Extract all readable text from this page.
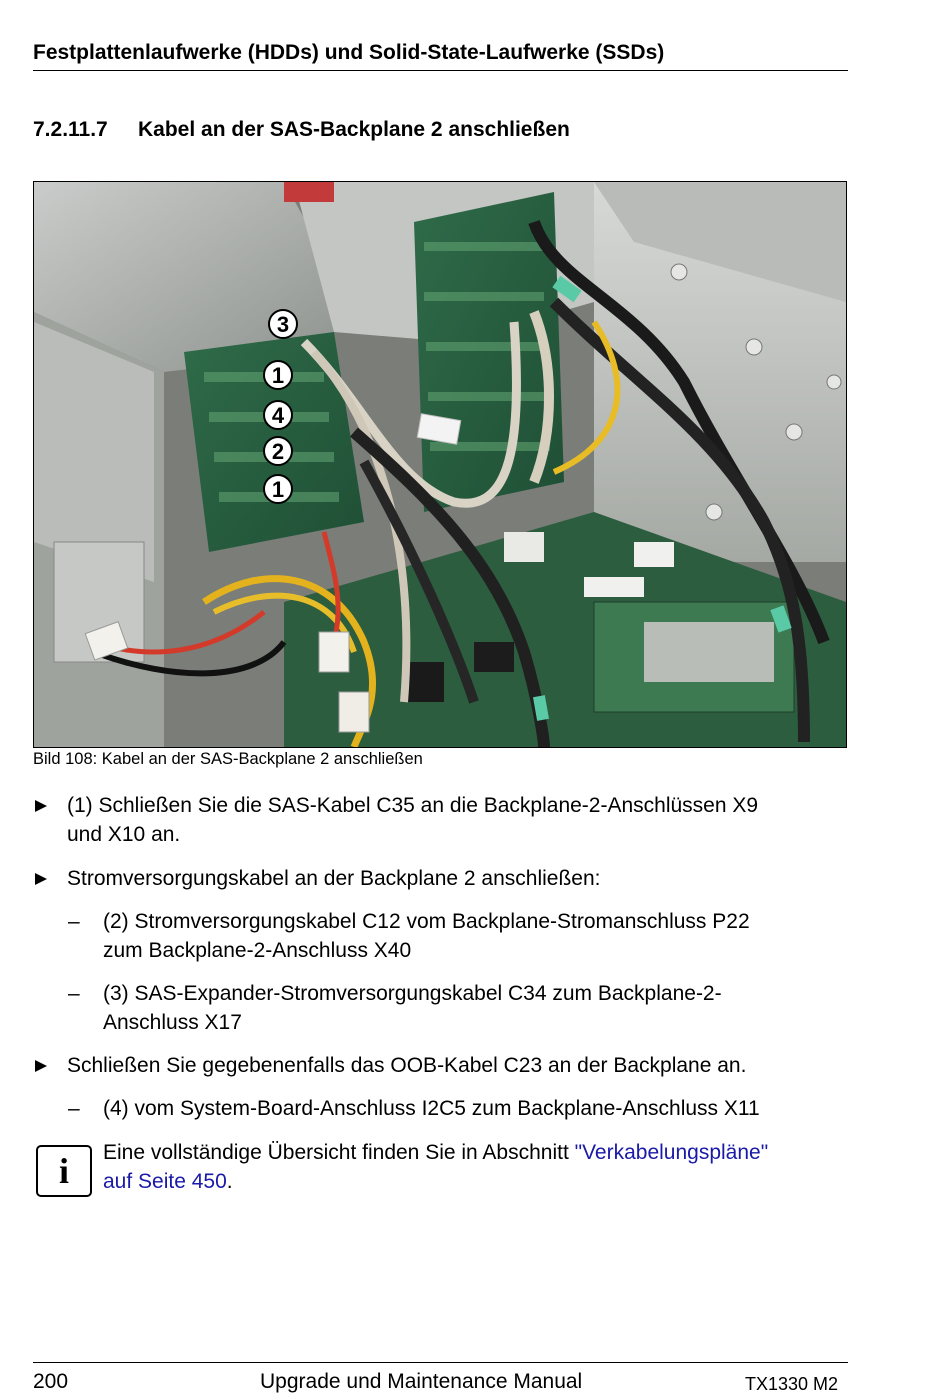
Festplattenlaufwerke (HDDs) und Solid-State-Laufwerke (SSDs)
7.2.11.7 Kabel an der SAS-Backplane 2 anschließen
3
1
4
2
1
Bild 108: Kabel an der SAS-Backplane 2 anschließen
(1) Schließen Sie die SAS-Kabel C35 an die Backplane-2-Anschlüssen X9
und X10 an.
Stromversorgungskabel an der Backplane 2 anschließen:
– (2) Stromversorgungskabel C12 vom Backplane-Stromanschluss P22
zum Backplane-2-Anschluss X40
– (3) SAS-Expander-Stromversorgungskabel C34 zum Backplane-2-
Anschluss X17
Schließen Sie gegebenenfalls das OOB-Kabel C23 an der Backplane an.
– (4) vom System-Board-Anschluss I2C5 zum Backplane-Anschluss X11
i Eine vollständige Übersicht finden Sie in Abschnitt "Verkabelungspläne"
auf Seite 450.
200	Upgrade und Maintenance Manual	TX1330 M2
